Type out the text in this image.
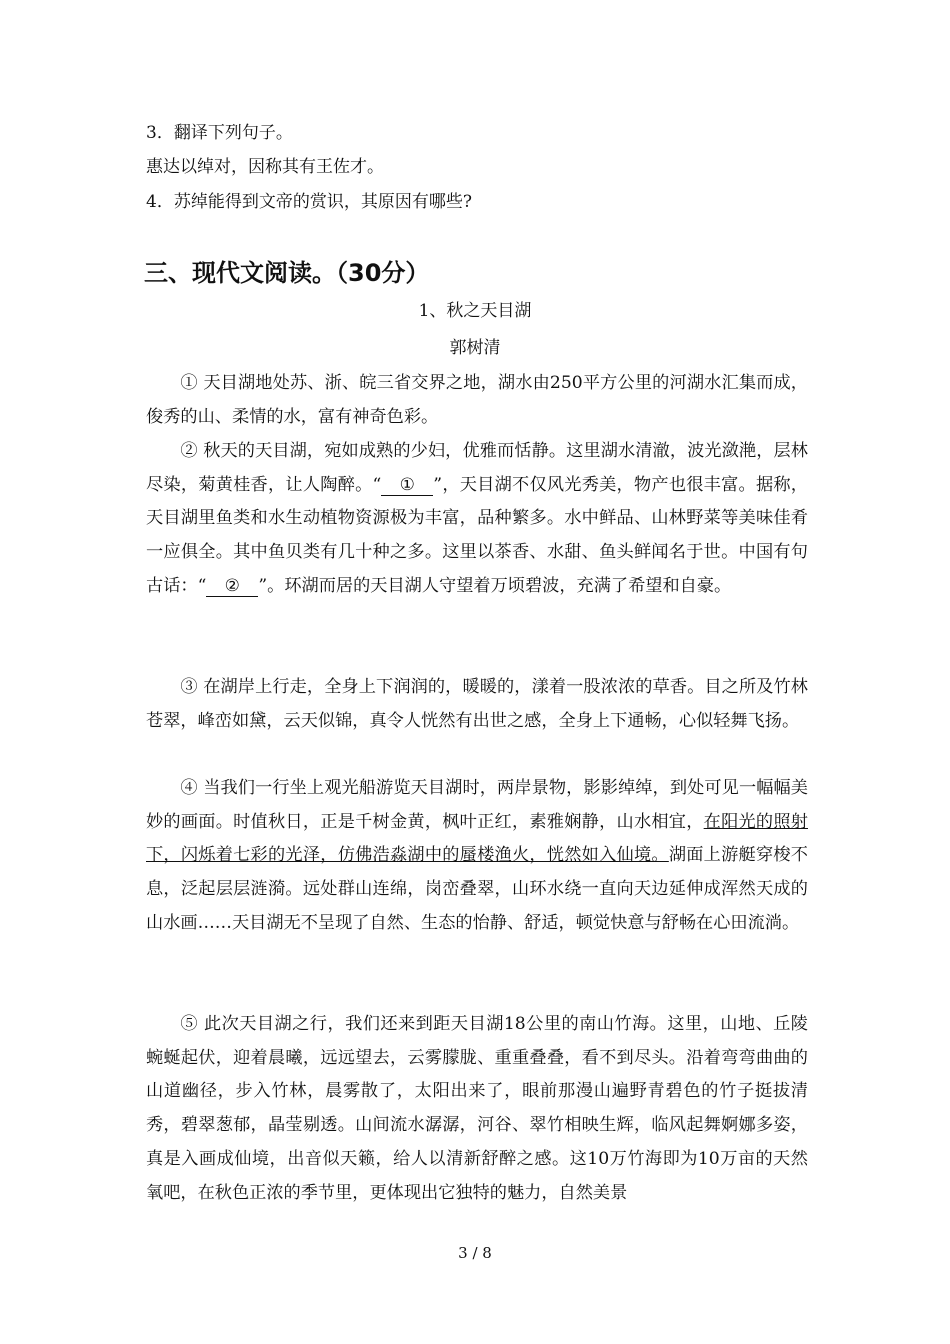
3．翻译下列句子。
惠达以绰对，因称其有王佐才。
4．苏绰能得到文帝的赏识，其原因有哪些?
三、现代文阅读。（30分）
1、秋之天目湖
郭树清
① 天目湖地处苏、浙、皖三省交界之地，湖水由250平方公里的河湖水汇集而成，俊秀的山、柔情的水，富有神奇色彩。
② 秋天的天目湖，宛如成熟的少妇，优雅而恬静。这里湖水清澈，波光潋滟，层林尽染，菊黄桂香，让人陶醉。“ ① ”，天目湖不仅风光秀美，物产也很丰富。据称，天目湖里鱼类和水生动植物资源极为丰富，品种繁多。水中鲜品、山林野菜等美味佳肴一应俱全。其中鱼贝类有几十种之多。这里以茶香、水甜、鱼头鲜闻名于世。中国有句古话：“ ② ”。环湖而居的天目湖人守望着万顷碧波，充满了希望和自豪。
③ 在湖岸上行走，全身上下润润的，暖暖的，漾着一股浓浓的草香。目之所及竹林苍翠，峰峦如黛，云天似锦，真令人恍然有出世之感，全身上下通畅，心似轻舞飞扬。
④ 当我们一行坐上观光船游览天目湖时，两岸景物，影影绰绰，到处可见一幅幅美妙的画面。时值秋日，正是千树金黄，枫叶正红，素雅娴静，山水相宜，在阳光的照射下，闪烁着七彩的光泽，仿佛浩淼湖中的蜃楼渔火，恍然如入仙境。湖面上游艇穿梭不息，泛起层层涟漪。远处群山连绵，岗峦叠翠，山环水绕一直向天边延伸成浑然天成的山水画……天目湖无不呈现了自然、生态的怡静、舒适，顿觉快意与舒畅在心田流淌。
⑤ 此次天目湖之行，我们还来到距天目湖18公里的南山竹海。这里，山地、丘陵蜿蜒起伏，迎着晨曦，远远望去，云雾朦胧、重重叠叠，看不到尽头。沿着弯弯曲曲的山道幽径，步入竹林，晨雾散了，太阳出来了，眼前那漫山遍野青碧色的竹子挺拔清秀，碧翠葱郁，晶莹剔透。山间流水潺潺，河谷、翠竹相映生辉，临风起舞婀娜多姿，真是入画成仙境，出音似天籁，给人以清新舒醉之感。这10万竹海即为10万亩的天然氧吧，在秋色正浓的季节里，更体现出它独特的魅力，自然美景
3 / 8
